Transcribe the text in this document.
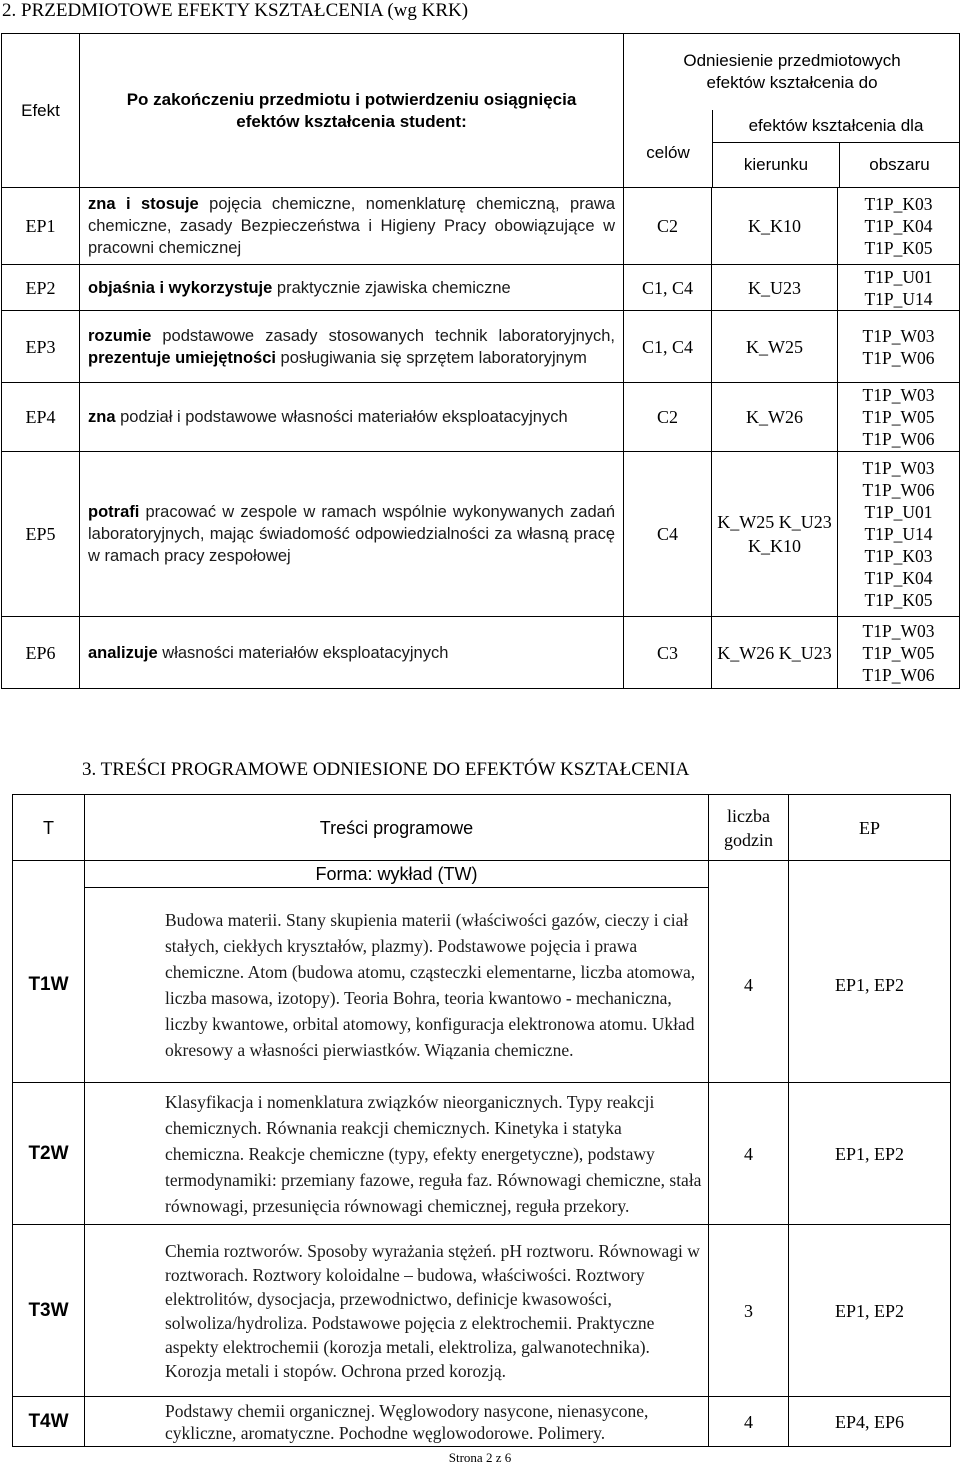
2. PRZEDMIOTOWE EFEKTY KSZTAŁCENIA (wg KRK)
Efekt	Po zakończeniu przedmiotu i potwierdzeniu osiągnięcia efektów kształcenia student:	celów
Odniesienie przedmiotowych efektów kształcenia do
efektów kształcenia dla
kierunku obszaru		

EP1	zna i stosuje pojęcia chemiczne, nomenklaturę chemiczną, prawa chemiczne, zasady Bezpieczeństwa i Higieny Pracy obowiązujące w pracowni chemicznej	C2	K_K10	T1P_K03 T1P_K04 T1P_K05
EP2	objaśnia i wykorzystuje praktycznie zjawiska chemiczne	C1, C4	K_U23	T1P_U01 T1P_U14
EP3	rozumie podstawowe zasady stosowanych technik laboratoryjnych, prezentuje umiejętności posługiwania się sprzętem laboratoryjnym	C1, C4	K_W25	T1P_W03 T1P_W06
EP4	zna podział i podstawowe własności materiałów eksploatacyjnych	C2	K_W26	T1P_W03 T1P_W05 T1P_W06
EP5	potrafi pracować w zespole w ramach wspólnie wykonywanych zadań laboratoryjnych, mając świadomość odpowiedzialności za własną pracę w ramach pracy zespołowej	C4	K_W25 K_U23 K_K10	T1P_W03 T1P_W06 T1P_U01 T1P_U14 T1P_K03 T1P_K04 T1P_K05
EP6	analizuje własności materiałów eksploatacyjnych	C3	K_W26 K_U23	T1P_W03 T1P_W05 T1P_W06
3. TREŚCI PROGRAMOWE ODNIESIONE DO EFEKTÓW KSZTAŁCENIA
T	Treści programowe	liczba godzin	EP
	Forma: wykład (TW)		
T1W	Budowa materii. Stany skupienia materii (właściwości gazów, cieczy i ciał stałych, ciekłych kryształów, plazmy). Podstawowe pojęcia i prawa chemiczne. Atom (budowa atomu, cząsteczki elementarne, liczba atomowa, liczba masowa, izotopy). Teoria Bohra, teoria kwantowo - mechaniczna, liczby kwantowe, orbital atomowy, konfiguracja elektronowa atomu. Układ okresowy a własności pierwiastków. Wiązania chemiczne.	4	EP1, EP2
T2W	Klasyfikacja i nomenklatura związków nieorganicznych. Typy reakcji chemicznych. Równania reakcji chemicznych. Kinetyka i statyka chemiczna. Reakcje chemiczne (typy, efekty energetyczne), podstawy termodynamiki: przemiany fazowe, reguła faz. Równowagi chemiczne, stała równowagi, przesunięcia równowagi chemicznej, reguła przekory.	4	EP1, EP2
T3W	Chemia roztworów. Sposoby wyrażania stężeń. pH roztworu. Równowagi w roztworach. Roztwory koloidalne – budowa, właściwości. Roztwory elektrolitów, dysocjacja, przewodnictwo, definicje kwasowości, solwoliza/hydroliza. Podstawowe pojęcia z elektrochemii. Praktyczne aspekty elektrochemii (korozja metali, elektroliza, galwanotechnika). Korozja metali i stopów. Ochrona przed korozją.	3	EP1, EP2
T4W	Podstawy chemii organicznej. Węglowodory nasycone, nienasycone, cykliczne, aromatyczne. Pochodne węglowodorowe. Polimery.	4	EP4, EP6
Strona 2 z 6
